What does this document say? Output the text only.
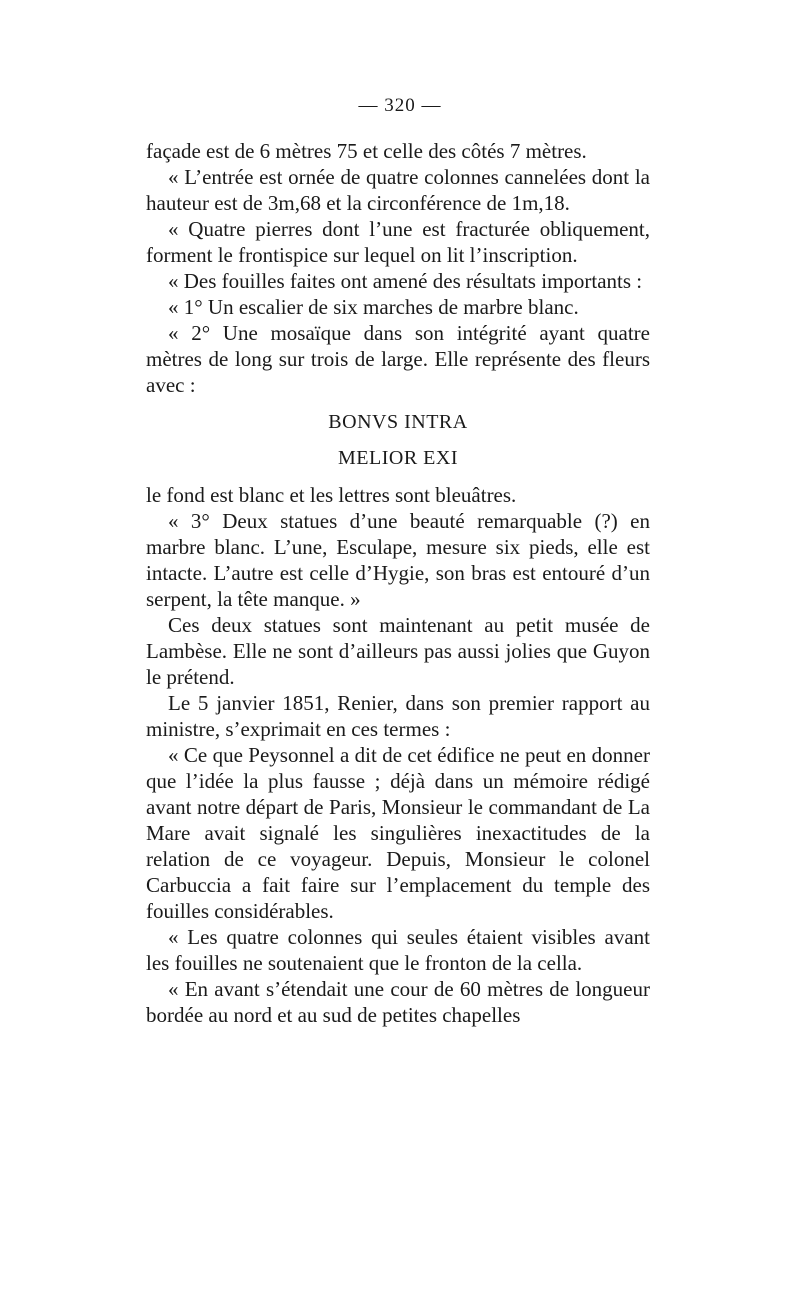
— 320 —

façade est de 6 mètres 75 et celle des côtés 7 mètres.

« L’entrée est ornée de quatre colonnes cannelées dont la hauteur est de 3m,68 et la circonférence de 1m,18.

« Quatre pierres dont l’une est fracturée obliquement, forment le frontispice sur lequel on lit l’inscription.

« Des fouilles faites ont amené des résultats importants :

« 1° Un escalier de six marches de marbre blanc.

« 2° Une mosaïque dans son intégrité ayant quatre mètres de long sur trois de large. Elle représente des fleurs avec :

BONVS INTRA
MELIOR EXI

le fond est blanc et les lettres sont bleuâtres.

« 3° Deux statues d’une beauté remarquable (?) en marbre blanc. L’une, Esculape, mesure six pieds, elle est intacte. L’autre est celle d’Hygie, son bras est entouré d’un serpent, la tête manque. »

Ces deux statues sont maintenant au petit musée de Lambèse. Elle ne sont d’ailleurs pas aussi jolies que Guyon le prétend.

Le 5 janvier 1851, Renier, dans son premier rapport au ministre, s’exprimait en ces termes :

« Ce que Peysonnel a dit de cet édifice ne peut en donner que l’idée la plus fausse ; déjà dans un mémoire rédigé avant notre départ de Paris, Monsieur le commandant de La Mare avait signalé les singulières inexactitudes de la relation de ce voyageur. Depuis, Monsieur le colonel Carbuccia a fait faire sur l’emplacement du temple des fouilles considérables.

« Les quatre colonnes qui seules étaient visibles avant les fouilles ne soutenaient que le fronton de la cella.

« En avant s’étendait une cour de 60 mètres de longueur bordée au nord et au sud de petites chapelles
